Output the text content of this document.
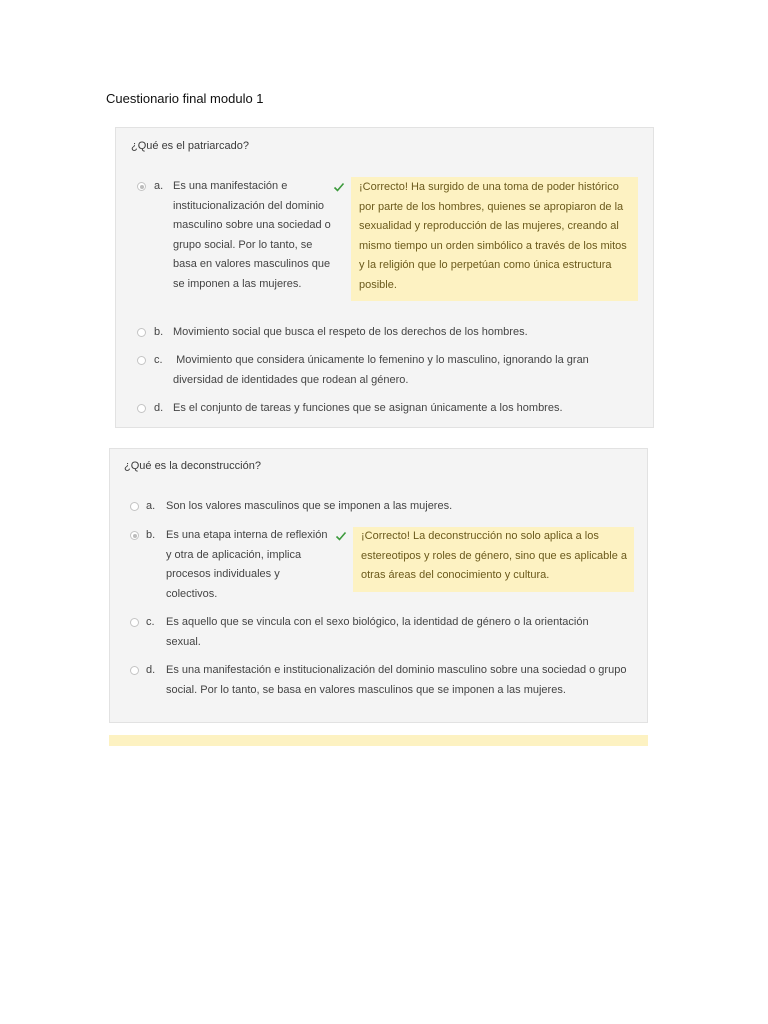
Cuestionario final modulo 1
¿Qué es el patriarcado?
a. Es una manifestación e institucionalización del dominio masculino sobre una sociedad o grupo social. Por lo tanto, se basa en valores masculinos que se imponen a las mujeres.
¡Correcto! Ha surgido de una toma de poder histórico por parte de los hombres, quienes se apropiaron de la sexualidad y reproducción de las mujeres, creando al mismo tiempo un orden simbólico a través de los mitos y la religión que lo perpetúan como única estructura posible.
b. Movimiento social que busca el respeto de los derechos de los hombres.
c. Movimiento que considera únicamente lo femenino y lo masculino, ignorando la gran diversidad de identidades que rodean al género.
d. Es el conjunto de tareas y funciones que se asignan únicamente a los hombres.
¿Qué es la deconstrucción?
a. Son los valores masculinos que se imponen a las mujeres.
b. Es una etapa interna de reflexión y otra de aplicación, implica procesos individuales y colectivos.
¡Correcto! La deconstrucción no solo aplica a los estereotipos y roles de género, sino que es aplicable a otras áreas del conocimiento y cultura.
c. Es aquello que se vincula con el sexo biológico, la identidad de género o la orientación sexual.
d. Es una manifestación e institucionalización del dominio masculino sobre una sociedad o grupo social. Por lo tanto, se basa en valores masculinos que se imponen a las mujeres.
